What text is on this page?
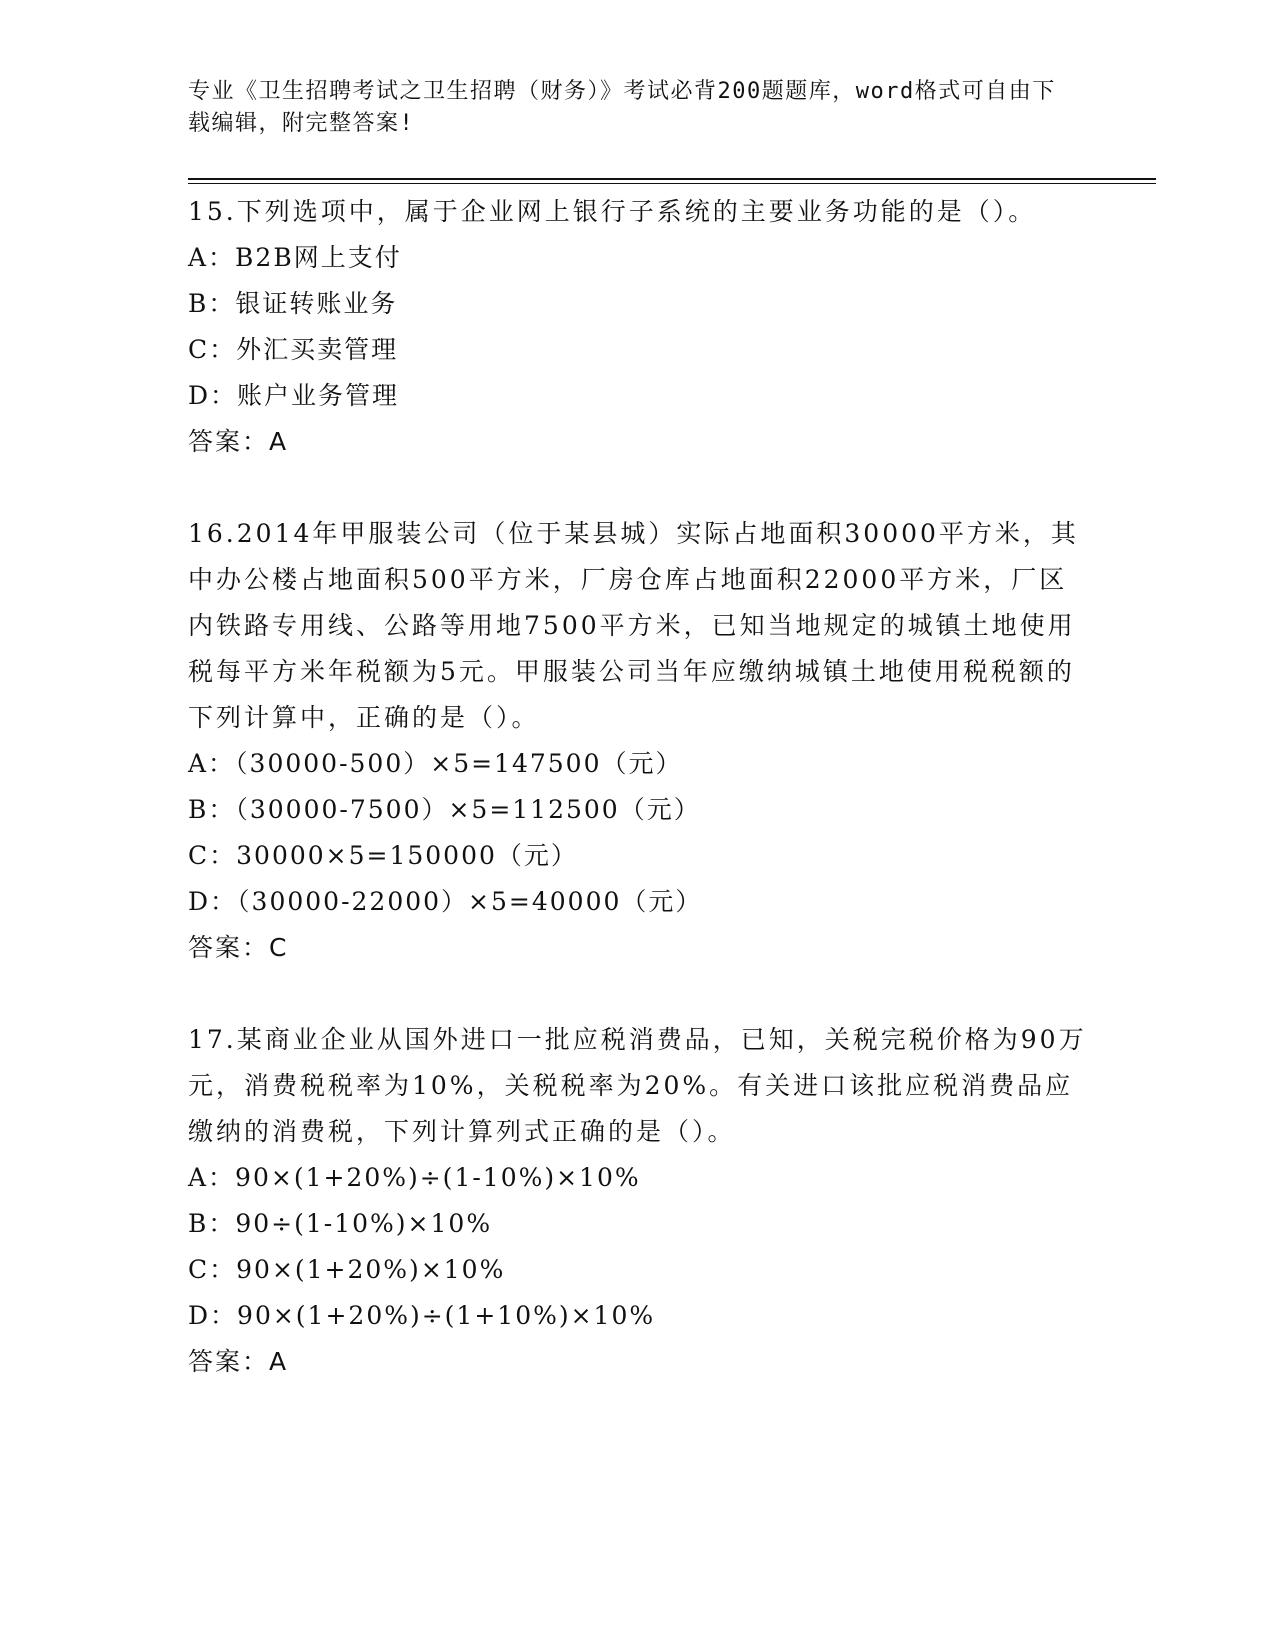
专业《卫生招聘考试之卫生招聘（财务）》考试必背200题题库，word格式可自由下载编辑，附完整答案!
15.下列选项中，属于企业网上银行子系统的主要业务功能的是（）。
A：B2B网上支付
B：银证转账业务
C：外汇买卖管理
D：账户业务管理
答案：A
16.2014年甲服装公司（位于某县城）实际占地面积30000平方米，其中办公楼占地面积500平方米，厂房仓库占地面积22000平方米，厂区内铁路专用线、公路等用地7500平方米，已知当地规定的城镇土地使用税每平方米年税额为5元。甲服装公司当年应缴纳城镇土地使用税税额的下列计算中，正确的是（）。
A：（30000-500）×5=147500（元）
B：（30000-7500）×5=112500（元）
C：30000×5=150000（元）
D：（30000-22000）×5=40000（元）
答案：C
17.某商业企业从国外进口一批应税消费品，已知，关税完税价格为90万元，消费税税率为10%，关税税率为20%。有关进口该批应税消费品应缴纳的消费税，下列计算列式正确的是（）。
A：90×(1+20%)÷(1-10%)×10%
B：90÷(1-10%)×10%
C：90×(1+20%)×10%
D：90×(1+20%)÷(1+10%)×10%
答案：A
